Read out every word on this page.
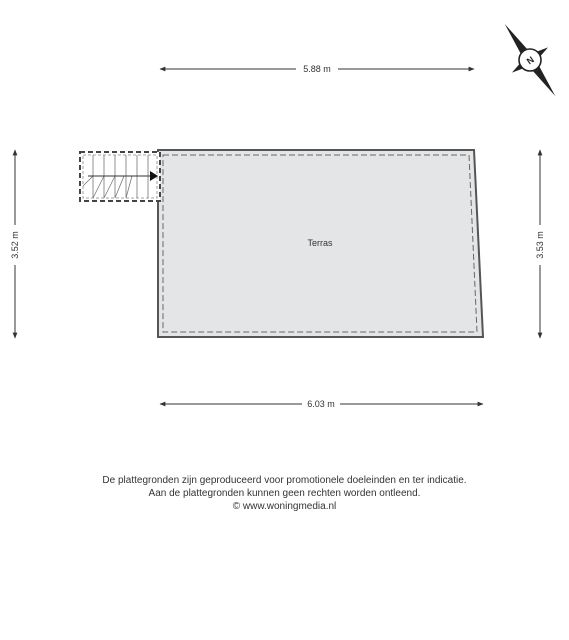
N
5.88 m
6.03 m
3.52 m	3.53 m
Terras
De plattegronden zijn geproduceerd voor promotionele doeleinden en ter indicatie.
Aan de plattegronden kunnen geen rechten worden ontleend.
© www.woningmedia.nl
